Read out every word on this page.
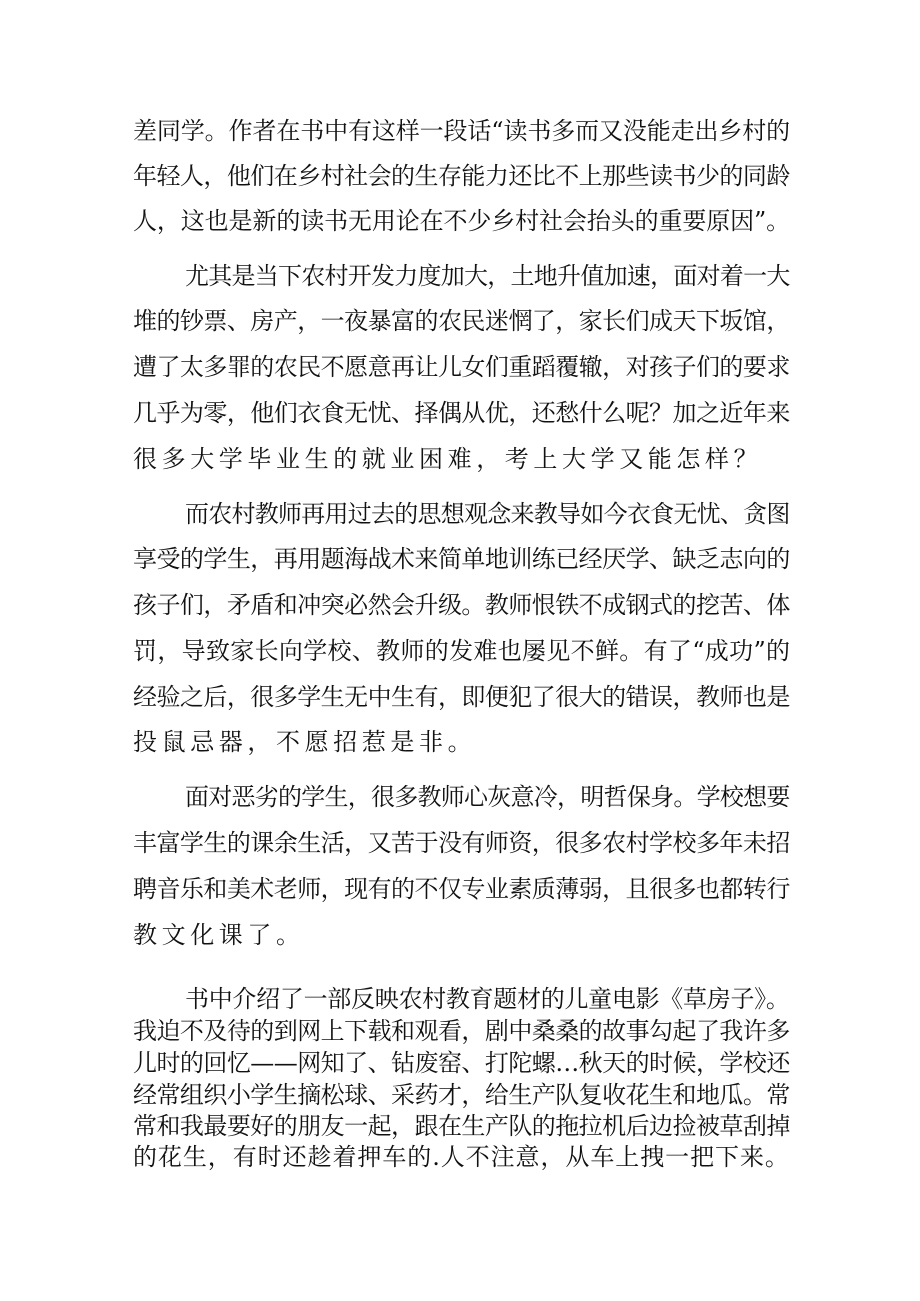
差同学。作者在书中有这样一段话“读书多而又没能走出乡村的
年轻人，他们在乡村社会的生存能力还比不上那些读书少的同龄
人，这也是新的读书无用论在不少乡村社会抬头的重要原因”。
尤其是当下农村开发力度加大，土地升值加速，面对着一大
堆的钞票、房产，一夜暴富的农民迷惘了，家长们成天下坂馆，
遭了太多罪的农民不愿意再让儿女们重蹈覆辙，对孩子们的要求
几乎为零，他们衣食无忧、择偶从优，还愁什么呢？加之近年来
很多大学毕业生的就业困难，考上大学又能怎样？
而农村教师再用过去的思想观念来教导如今衣食无忧、贪图
享受的学生，再用题海战术来简单地训练已经厌学、缺乏志向的
孩子们，矛盾和冲突必然会升级。教师恨铁不成钢式的挖苦、体
罚，导致家长向学校、教师的发难也屡见不鲜。有了“成功”的
经验之后，很多学生无中生有，即便犯了很大的错误，教师也是
投鼠忌器，不愿招惹是非。
面对恶劣的学生，很多教师心灰意冷，明哲保身。学校想要
丰富学生的课余生活，又苦于没有师资，很多农村学校多年未招
聘音乐和美术老师，现有的不仅专业素质薄弱，且很多也都转行
教文化课了。
书中介绍了一部反映农村教育题材的儿童电影《草房子》。
我迫不及待的到网上下载和观看，剧中桑桑的故事勾起了我许多
儿时的回忆——网知了、钻废窑、打陀螺…秋天的时候，学校还
经常组织小学生摘松球、采药才，给生产队复收花生和地瓜。常
常和我最要好的朋友一起，跟在生产队的拖拉机后边捡被草刮掉
的花生，有时还趁着押车的.人不注意，从车上拽一把下来。
